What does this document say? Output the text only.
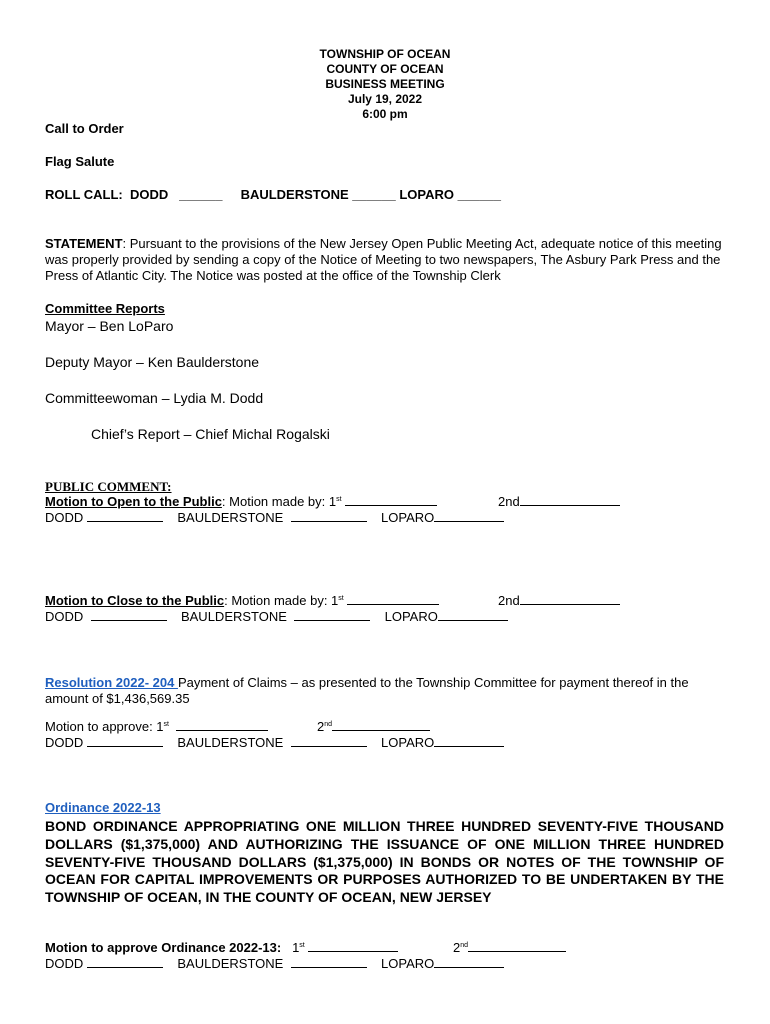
TOWNSHIP OF OCEAN
COUNTY OF OCEAN
BUSINESS MEETING
July 19, 2022
6:00 pm
Call to Order
Flag Salute
ROLL CALL: DODD ______ BAULDERSTONE ______ LOPARO ______
STATEMENT: Pursuant to the provisions of the New Jersey Open Public Meeting Act, adequate notice of this meeting was properly provided by sending a copy of the Notice of Meeting to two newspapers, The Asbury Park Press and the Press of Atlantic City. The Notice was posted at the office of the Township Clerk
Committee Reports
Mayor – Ben LoParo
Deputy Mayor – Ken Baulderstone
Committeewoman – Lydia M. Dodd
Chief’s Report – Chief Michal Rogalski
PUBLIC COMMENT:
Motion to Open to the Public: Motion made by: 1st	2nd
DODD	BAULDERSTONE	LOPARO
Motion to Close to the Public: Motion made by: 1st	2nd
DODD	BAULDERSTONE	LOPARO
Resolution 2022- 204 Payment of Claims – as presented to the Township Committee for payment thereof in the amount of $1,436,569.35
Motion to approve: 1st	2nd
DODD	BAULDERSTONE	LOPARO
Ordinance 2022-13
BOND ORDINANCE APPROPRIATING ONE MILLION THREE HUNDRED SEVENTY-FIVE THOUSAND DOLLARS ($1,375,000) AND AUTHORIZING THE ISSUANCE OF ONE MILLION THREE HUNDRED SEVENTY-FIVE THOUSAND DOLLARS ($1,375,000) IN BONDS OR NOTES OF THE TOWNSHIP OF OCEAN FOR CAPITAL IMPROVEMENTS OR PURPOSES AUTHORIZED TO BE UNDERTAKEN BY THE TOWNSHIP OF OCEAN, IN THE COUNTY OF OCEAN, NEW JERSEY
Motion to approve Ordinance 2022-13: 1st	2nd
DODD	BAULDERSTONE	LOPARO
